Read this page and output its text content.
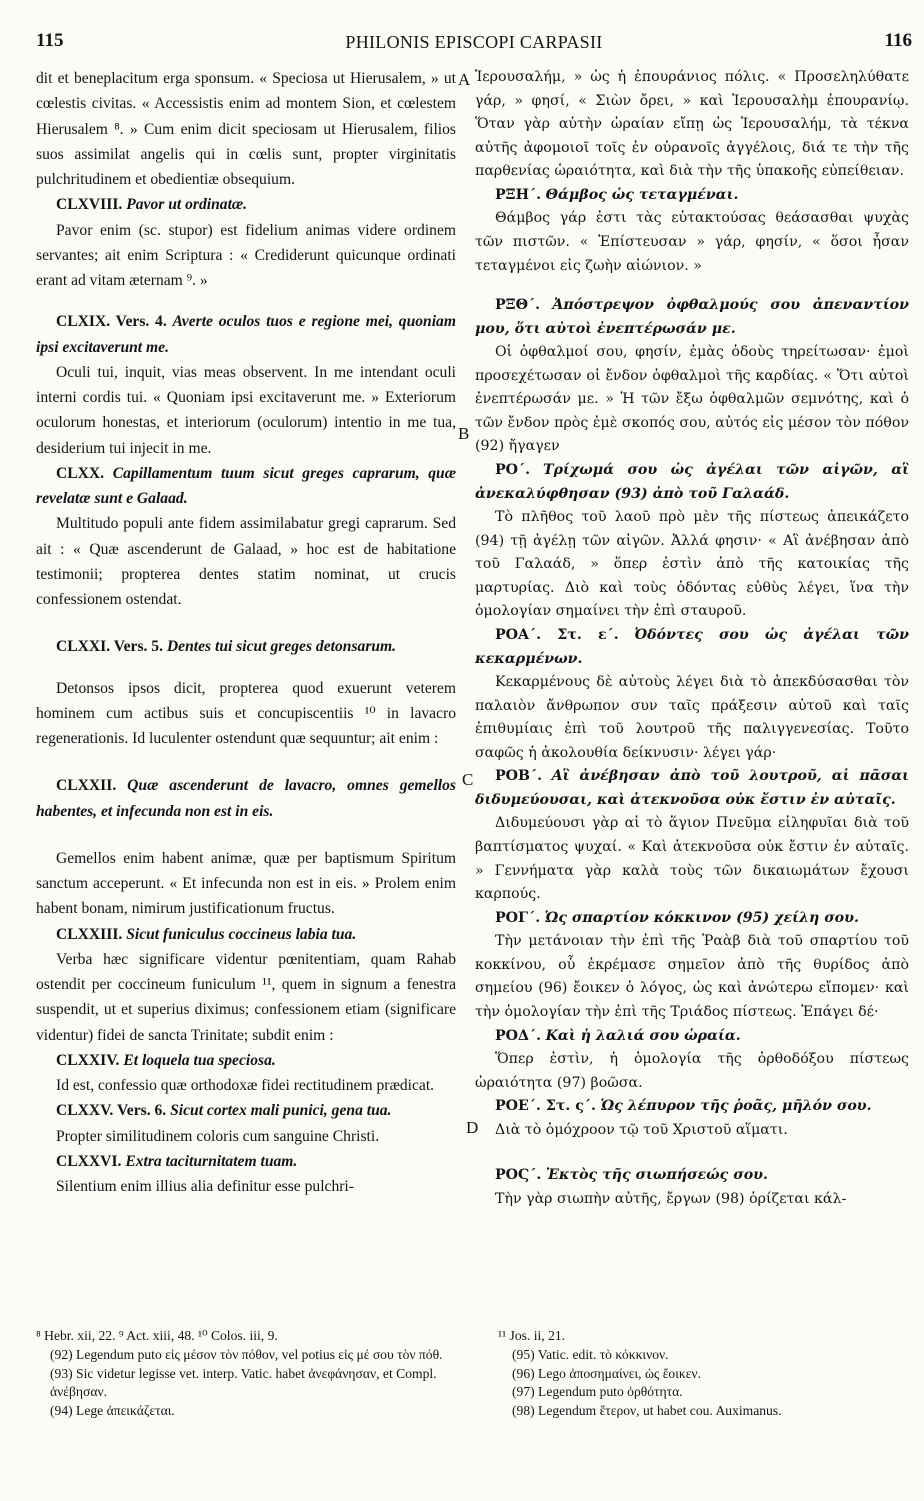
115	PHILONIS EPISCOPI CARPASII	116
A
B
C
D

dit et beneplacitum erga sponsum. « Speciosa ut Hierusalem, » ut cœlestis civitas. « Accessistis enim ad montem Sion, et cœlestem Hierusalem ⁸. » Cum enim dicit speciosam ut Hierusalem, filios suos assimilat angelis qui in cœlis sunt, propter virginitatis pulchritudinem et obedientiæ obsequium.

CLXVIII. Pavor ut ordinatæ.

Pavor enim (sc. stupor) est fidelium animas videre ordinem servantes; ait enim Scriptura : « Crediderunt quicunque ordinati erant ad vitam æternam ⁹. »

CLXIX. Vers. 4. Averte oculos tuos e regione mei, quoniam ipsi excitaverunt me.

Oculi tui, inquit, vias meas observent. In me intendant oculi interni cordis tui. « Quoniam ipsi excitaverunt me. » Exteriorum oculorum honestas, et interiorum (oculorum) intentio in me tua, desiderium tui injecit in me.

CLXX. Capillamentum tuum sicut greges caprarum, quæ revelatæ sunt e Galaad.

Multitudo populi ante fidem assimilabatur gregi caprarum. Sed ait : « Quæ ascenderunt de Galaad, » hoc est de habitatione testimonii; propterea dentes statim nominat, ut crucis confessionem ostendat.

CLXXI. Vers. 5. Dentes tui sicut greges detonsarum.

Detonsos ipsos dicit, propterea quod exuerunt veterem hominem cum actibus suis et concupiscentiis ¹⁰ in lavacro regenerationis. Id luculenter ostendunt quæ sequuntur; ait enim :

CLXXII. Quæ ascenderunt de lavacro, omnes gemellos habentes, et infecunda non est in eis.

Gemellos enim habent animæ, quæ per baptismum Spiritum sanctum acceperunt. « Et infecunda non est in eis. » Prolem enim habent bonam, nimirum justificationum fructus.

CLXXIII. Sicut funiculus coccineus labia tua.

Verba hæc significare videntur pœnitentiam, quam Rahab ostendit per coccineum funiculum ¹¹, quem in signum a fenestra suspendit, ut et superius diximus; confessionem etiam (significare videntur) fidei de sancta Trinitate; subdit enim :

CLXXIV. Et loquela tua speciosa.

Id est, confessio quæ orthodoxæ fidei rectitudinem prædicat.

CLXXV. Vers. 6. Sicut cortex mali punici, gena tua.

Propter similitudinem coloris cum sanguine Christi.

CLXXVI. Extra taciturnitatem tuam.

Silentium enim illius alia definitur esse pulchri-

Ἱερουσαλήμ, » ὡς ἡ ἐπουράνιος πόλις. « Προσεληλύθατε γάρ, » φησί, « Σιὼν ὄρει, » καὶ Ἱερουσαλὴμ ἐπουρανίῳ. Ὅταν γὰρ αὐτὴν ὡραίαν εἴπῃ ὡς Ἱερουσαλήμ, τὰ τέκνα αὐτῆς ἀφομοιοῖ τοῖς ἐν οὐρανοῖς ἀγγέλοις, διά τε τὴν τῆς παρθενίας ὡραιότητα, καὶ διὰ τὴν τῆς ὑπακοῆς εὐπείθειαν.

ΡΞΗ΄. Θάμβος ὡς τεταγμέναι.

Θάμβος γάρ ἐστι τὰς εὐτακτούσας θεάσασθαι ψυχὰς τῶν πιστῶν. « Ἐπίστευσαν » γάρ, φησίν, « ὅσοι ἦσαν τεταγμένοι εἰς ζωὴν αἰώνιον. »

ΡΞΘ΄. Ἀπόστρεψον ὀφθαλμούς σου ἀπεναντίον μου, ὅτι αὐτοὶ ἐνεπτέρωσάν με.

Οἱ ὀφθαλμοί σου, φησίν, ἐμὰς ὁδοὺς τηρείτωσαν· ἐμοὶ προσεχέτωσαν οἱ ἔνδον ὀφθαλμοὶ τῆς καρδίας. « Ὅτι αὐτοὶ ἐνεπτέρωσάν με. » Ἡ τῶν ἔξω ὀφθαλμῶν σεμνότης, καὶ ὁ τῶν ἔνδον πρὸς ἐμὲ σκοπός σου, αὐτός εἰς μέσον τὸν πόθον (92) ἤγαγεν

ΡΟ΄. Τρίχωμά σου ὡς ἀγέλαι τῶν αἰγῶν, αἳ ἀνεκαλύφθησαν (93) ἀπὸ τοῦ Γαλαάδ.

Τὸ πλῆθος τοῦ λαοῦ πρὸ μὲν τῆς πίστεως ἀπεικάζετο (94) τῇ ἀγέλῃ τῶν αἰγῶν. Ἀλλά φησιν· « Αἳ ἀνέβησαν ἀπὸ τοῦ Γαλαάδ, » ὅπερ ἐστὶν ἀπὸ τῆς κατοικίας τῆς μαρτυρίας. Διὸ καὶ τοὺς ὀδόντας εὐθὺς λέγει, ἵνα τὴν ὁμολογίαν σημαίνει τὴν ἐπὶ σταυροῦ.

ΡΟΑ΄. Στ. ε΄. Ὀδόντες σου ὡς ἀγέλαι τῶν κεκαρμένων.

Κεκαρμένους δὲ αὐτοὺς λέγει διὰ τὸ ἀπεκδύσασθαι τὸν παλαιὸν ἄνθρωπον συν ταῖς πράξεσιν αὐτοῦ καὶ ταῖς ἐπιθυμίαις ἐπὶ τοῦ λουτροῦ τῆς παλιγγενεσίας. Τοῦτο σαφῶς ἡ ἀκολουθία δείκνυσιν· λέγει γάρ·

ΡΟΒ΄. Αἳ ἀνέβησαν ἀπὸ τοῦ λουτροῦ, αἱ πᾶσαι διδυμεύουσαι, καὶ ἀτεκνοῦσα οὐκ ἔστιν ἐν αὐταῖς.

Διδυμεύουσι γὰρ αἱ τὸ ἅγιον Πνεῦμα εἰληφυῖαι διὰ τοῦ βαπτίσματος ψυχαί. « Καὶ ἀτεκνοῦσα οὐκ ἔστιν ἐν αὐταῖς. » Γεννήματα γὰρ καλὰ τοὺς τῶν δικαιωμάτων ἔχουσι καρπούς.

ΡΟΓ΄. Ὡς σπαρτίον κόκκινον (95) χείλη σου.

Τὴν μετάνοιαν τὴν ἐπὶ τῆς Ῥαὰβ διὰ τοῦ σπαρτίου τοῦ κοκκίνου, οὗ ἐκρέμασε σημεῖον ἀπὸ τῆς θυρίδος ἀπὸ σημείου (96) ἔοικεν ὁ λόγος, ὡς καὶ ἀνώτερω εἴπομεν· καὶ τὴν ὁμολογίαν τὴν ἐπὶ τῆς Τριάδος πίστεως. Ἐπάγει δέ·

ΡΟΔ΄. Καὶ ἡ λαλιά σου ὡραία.

Ὅπερ ἐστὶν, ἡ ὁμολογία τῆς ὀρθοδόξου πίστεως ὡραιότητα (97) βοῶσα.

ΡΟΕ΄. Στ. ς΄. Ὡς λέπυρον τῆς ῥοᾶς, μῆλόν σου.

Διὰ τὸ ὁμόχροον τῷ τοῦ Χριστοῦ αἵματι.

ΡΟϚ΄. Ἐκτὸς τῆς σιωπήσεώς σου.

Τὴν γὰρ σιωπὴν αὐτῆς, ἔργων (98) ὁρίζεται κάλ-

⁸ Hebr. xii, 22. ⁹ Act. xiii, 48. ¹⁰ Colos. iii, 9.

(92) Legendum puto εἰς μέσον τὸν πόθον, vel potius εἰς μέ σου τὸν πόθ.

(93) Sic videtur legisse vet. interp. Vatic. habet ἀνεφάνησαν, et Compl. ἀνέβησαν.

(94) Lege ἀπεικάζεται.

¹¹ Jos. ii, 21.

(95) Vatic. edit. τὸ κόκκινον.

(96) Lego ἀποσημαίνει, ὡς ἔοικεν.

(97) Legendum puto ὀρθότητα.

(98) Legendum ἕτερον, ut habet cou. Auximanus.
